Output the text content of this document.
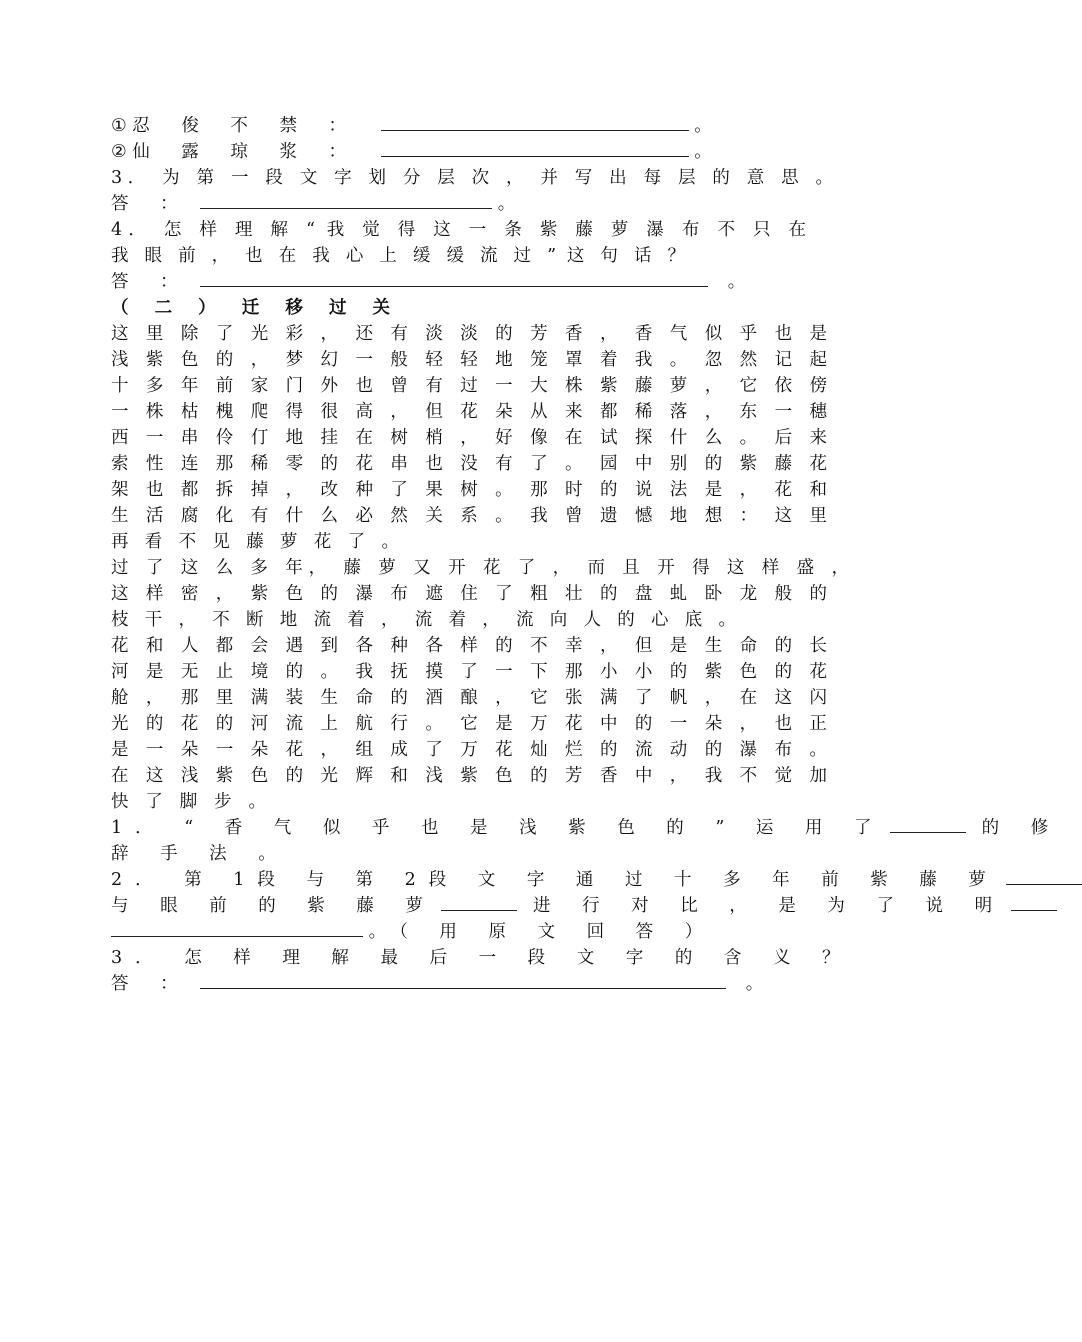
① 忍 俊 不 禁 ：	。
② 仙 露 琼 浆 ：	。
3． 为 第 一 段 文 字 划 分 层 次 ， 并 写 出 每 层 的 意 思 。
答 ：	。
4． 怎 样 理 解 “ 我 觉 得 这 一 条 紫 藤 萝 瀑 布 不 只 在
我 眼 前 ， 也 在 我 心 上 缓 缓 流 过 ” 这 句 话 ？
答 ：	。
（ 二 ） 迁 移 过 关
这 里 除 了 光 彩 ， 还 有 淡 淡 的 芳 香 ， 香 气 似 乎 也 是
浅 紫 色 的 ， 梦 幻 一 般 轻 轻 地 笼 罩 着 我 。 忽 然 记 起
十 多 年 前 家 门 外 也 曾 有 过 一 大 株 紫 藤 萝 ， 它 依 傍
一 株 枯 槐 爬 得 很 高 ， 但 花 朵 从 来 都 稀 落 ， 东 一 穗
西 一 串 伶 仃 地 挂 在 树 梢 ， 好 像 在 试 探 什 么 。 后 来
索 性 连 那 稀 零 的 花 串 也 没 有 了 。 园 中 别 的 紫 藤 花
架 也 都 拆 掉 ， 改 种 了 果 树 。 那 时 的 说 法 是 ， 花 和
生 活 腐 化 有 什 么 必 然 关 系 。 我 曾 遗 憾 地 想 ： 这 里
再 看 不 见 藤 萝 花 了 。
过 了 这 么 多 年， 藤 萝 又 开 花 了 ， 而 且 开 得 这 样 盛 ，
这 样 密 ， 紫 色 的 瀑 布 遮 住 了 粗 壮 的 盘 虬 卧 龙 般 的
枝 干 ， 不 断 地 流 着 ， 流 着 ， 流 向 人 的 心 底 。
花 和 人 都 会 遇 到 各 种 各 样 的 不 幸 ， 但 是 生 命 的 长
河 是 无 止 境 的 。 我 抚 摸 了 一 下 那 小 小 的 紫 色 的 花
舱 ， 那 里 满 装 生 命 的 酒 酿 ， 它 张 满 了 帆 ， 在 这 闪
光 的 花 的 河 流 上 航 行 。 它 是 万 花 中 的 一 朵 ， 也 正
是 一 朵 一 朵 花 ， 组 成 了 万 花 灿 烂 的 流 动 的 瀑 布 。
在 这 浅 紫 色 的 光 辉 和 浅 紫 色 的 芳 香 中 ， 我 不 觉 加
快 了 脚 步 。
1． “ 香 气 似 乎 也 是 浅 紫 色 的 ” 运 用 了	的 修
辞 手 法 。
2． 第 1段 与 第 2段 文 字 通 过 十 多 年 前 紫 藤 萝
与 眼 前 的 紫 藤 萝	进 行 对 比 ， 是 为 了 说 明
。（ 用 原 文 回 答 ）
3． 怎 样 理 解 最 后 一 段 文 字 的 含 义 ？
答 ：	。
